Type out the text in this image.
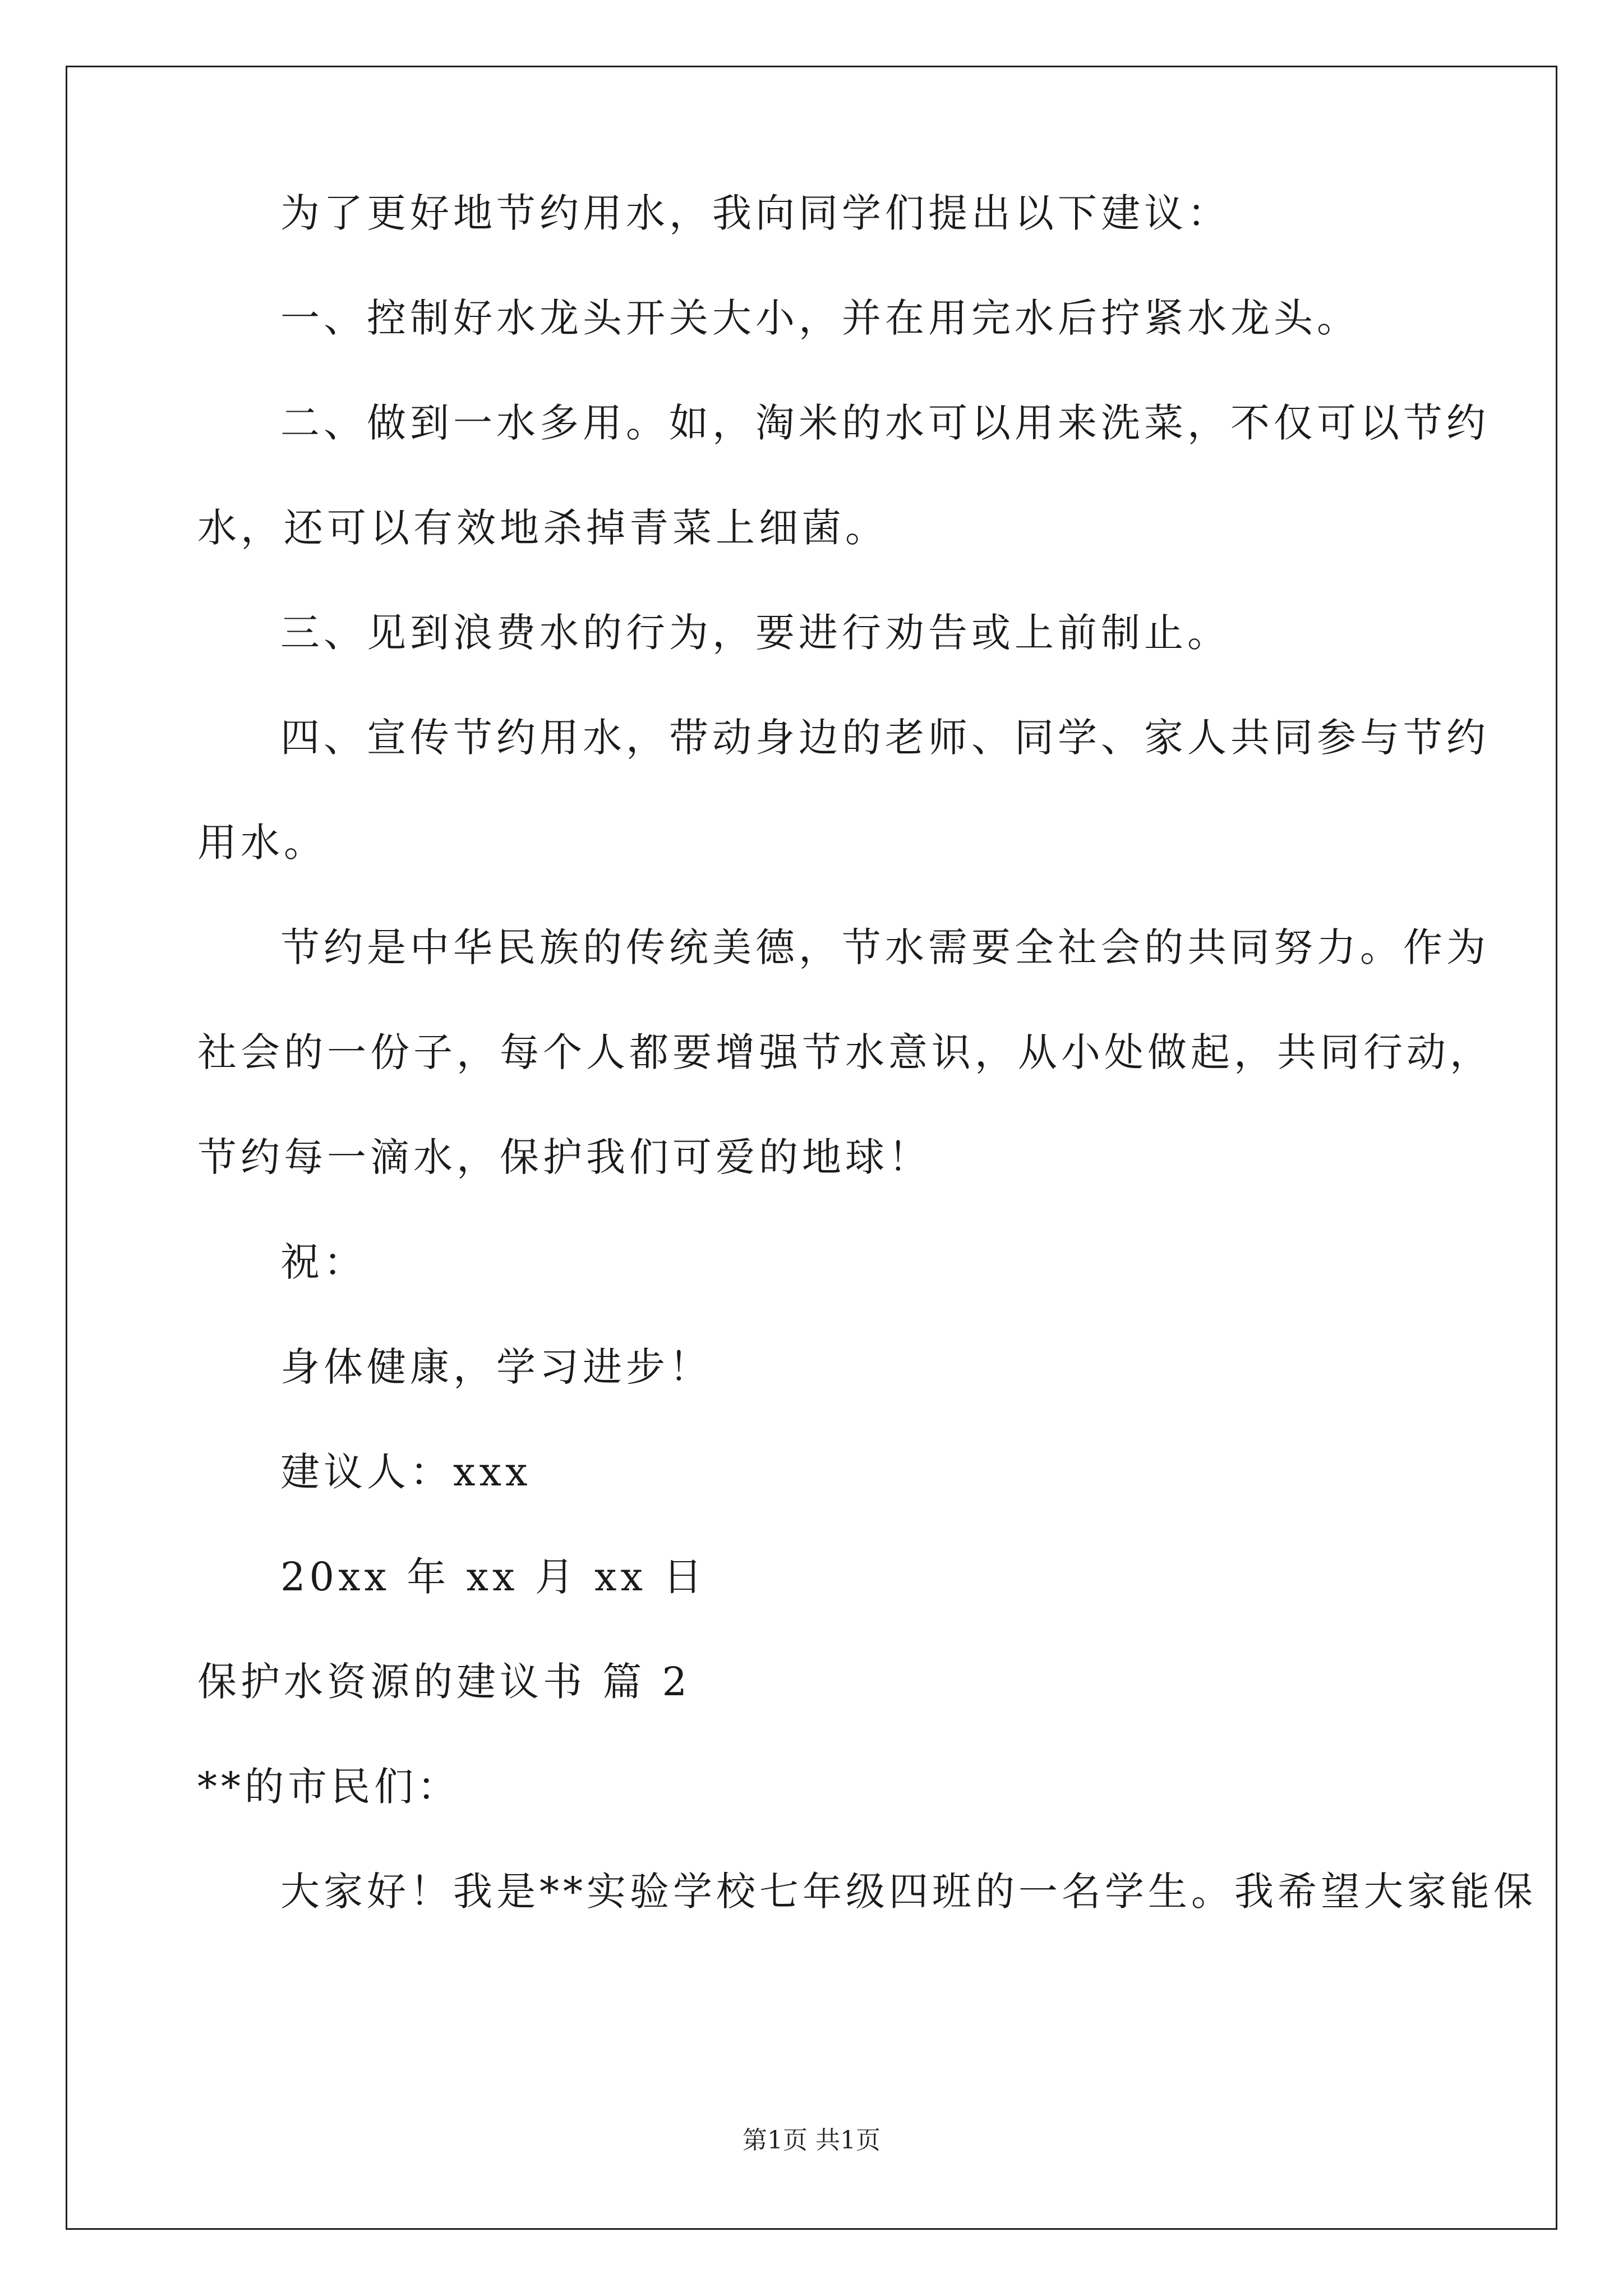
为了更好地节约用水，我向同学们提出以下建议：
一、控制好水龙头开关大小，并在用完水后拧紧水龙头。
二、做到一水多用。如，淘米的水可以用来洗菜，不仅可以节约
水，还可以有效地杀掉青菜上细菌。
三、见到浪费水的行为，要进行劝告或上前制止。
四、宣传节约用水，带动身边的老师、同学、家人共同参与节约
用水。
节约是中华民族的传统美德，节水需要全社会的共同努力。作为
社会的一份子，每个人都要增强节水意识，从小处做起，共同行动，
节约每一滴水，保护我们可爱的地球！
祝：
身体健康，学习进步！
建议人：xxx
20xx 年 xx 月 xx 日
保护水资源的建议书 篇 2
**的市民们：
大家好！我是**实验学校七年级四班的一名学生。我希望大家能保
第1页 共1页
